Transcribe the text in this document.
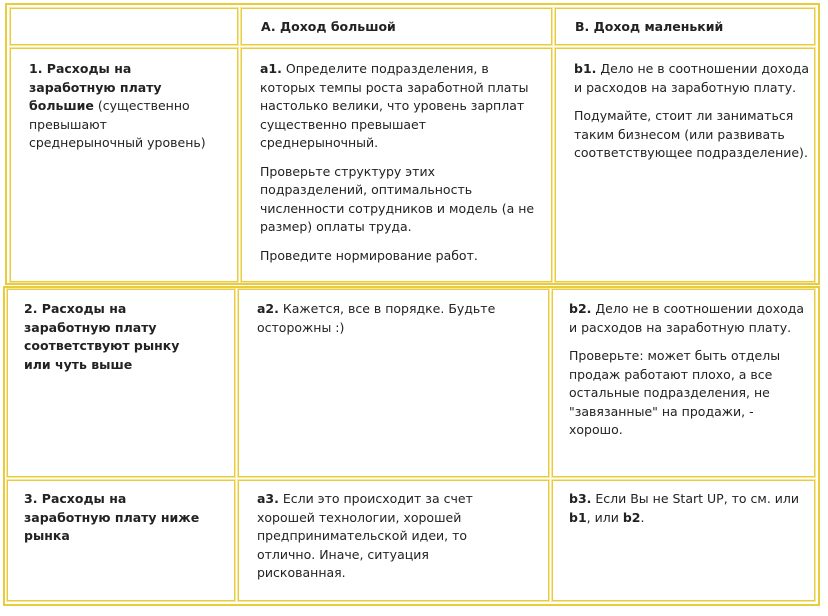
A. Доход большой	B. Доход маленький
1. Расходы на заработную плату большие (существенно превышают среднерыночный уровень)

a1. Определите подразделения, в которых темпы роста заработной платы настолько велики, что уровень зарплат существенно превышает среднерыночный.

Проверьте структуру этих подразделений, оптимальность численности сотрудников и модель (а не размер) оплаты труда.

Проведите нормирование работ.

b1. Дело не в соотношении дохода и расходов на заработную плату.

Подумайте, стоит ли заниматься таким бизнесом (или развивать соответствующее подразделение).

2. Расходы на заработную плату соответствуют рынку или чуть выше

a2. Кажется, все в порядке. Будьте осторожны :)

b2. Дело не в соотношении дохода и расходов на заработную плату.

Проверьте: может быть отделы продаж работают плохо, а все остальные подразделения, не "завязанные" на продажи, - хорошо.

3. Расходы на заработную плату ниже рынка

a3. Если это происходит за счет хорошей технологии, хорошей предпринимательской идеи, то отлично. Иначе, ситуация рискованная.

b3. Если Вы не Start UP, то см. или b1, или b2.
